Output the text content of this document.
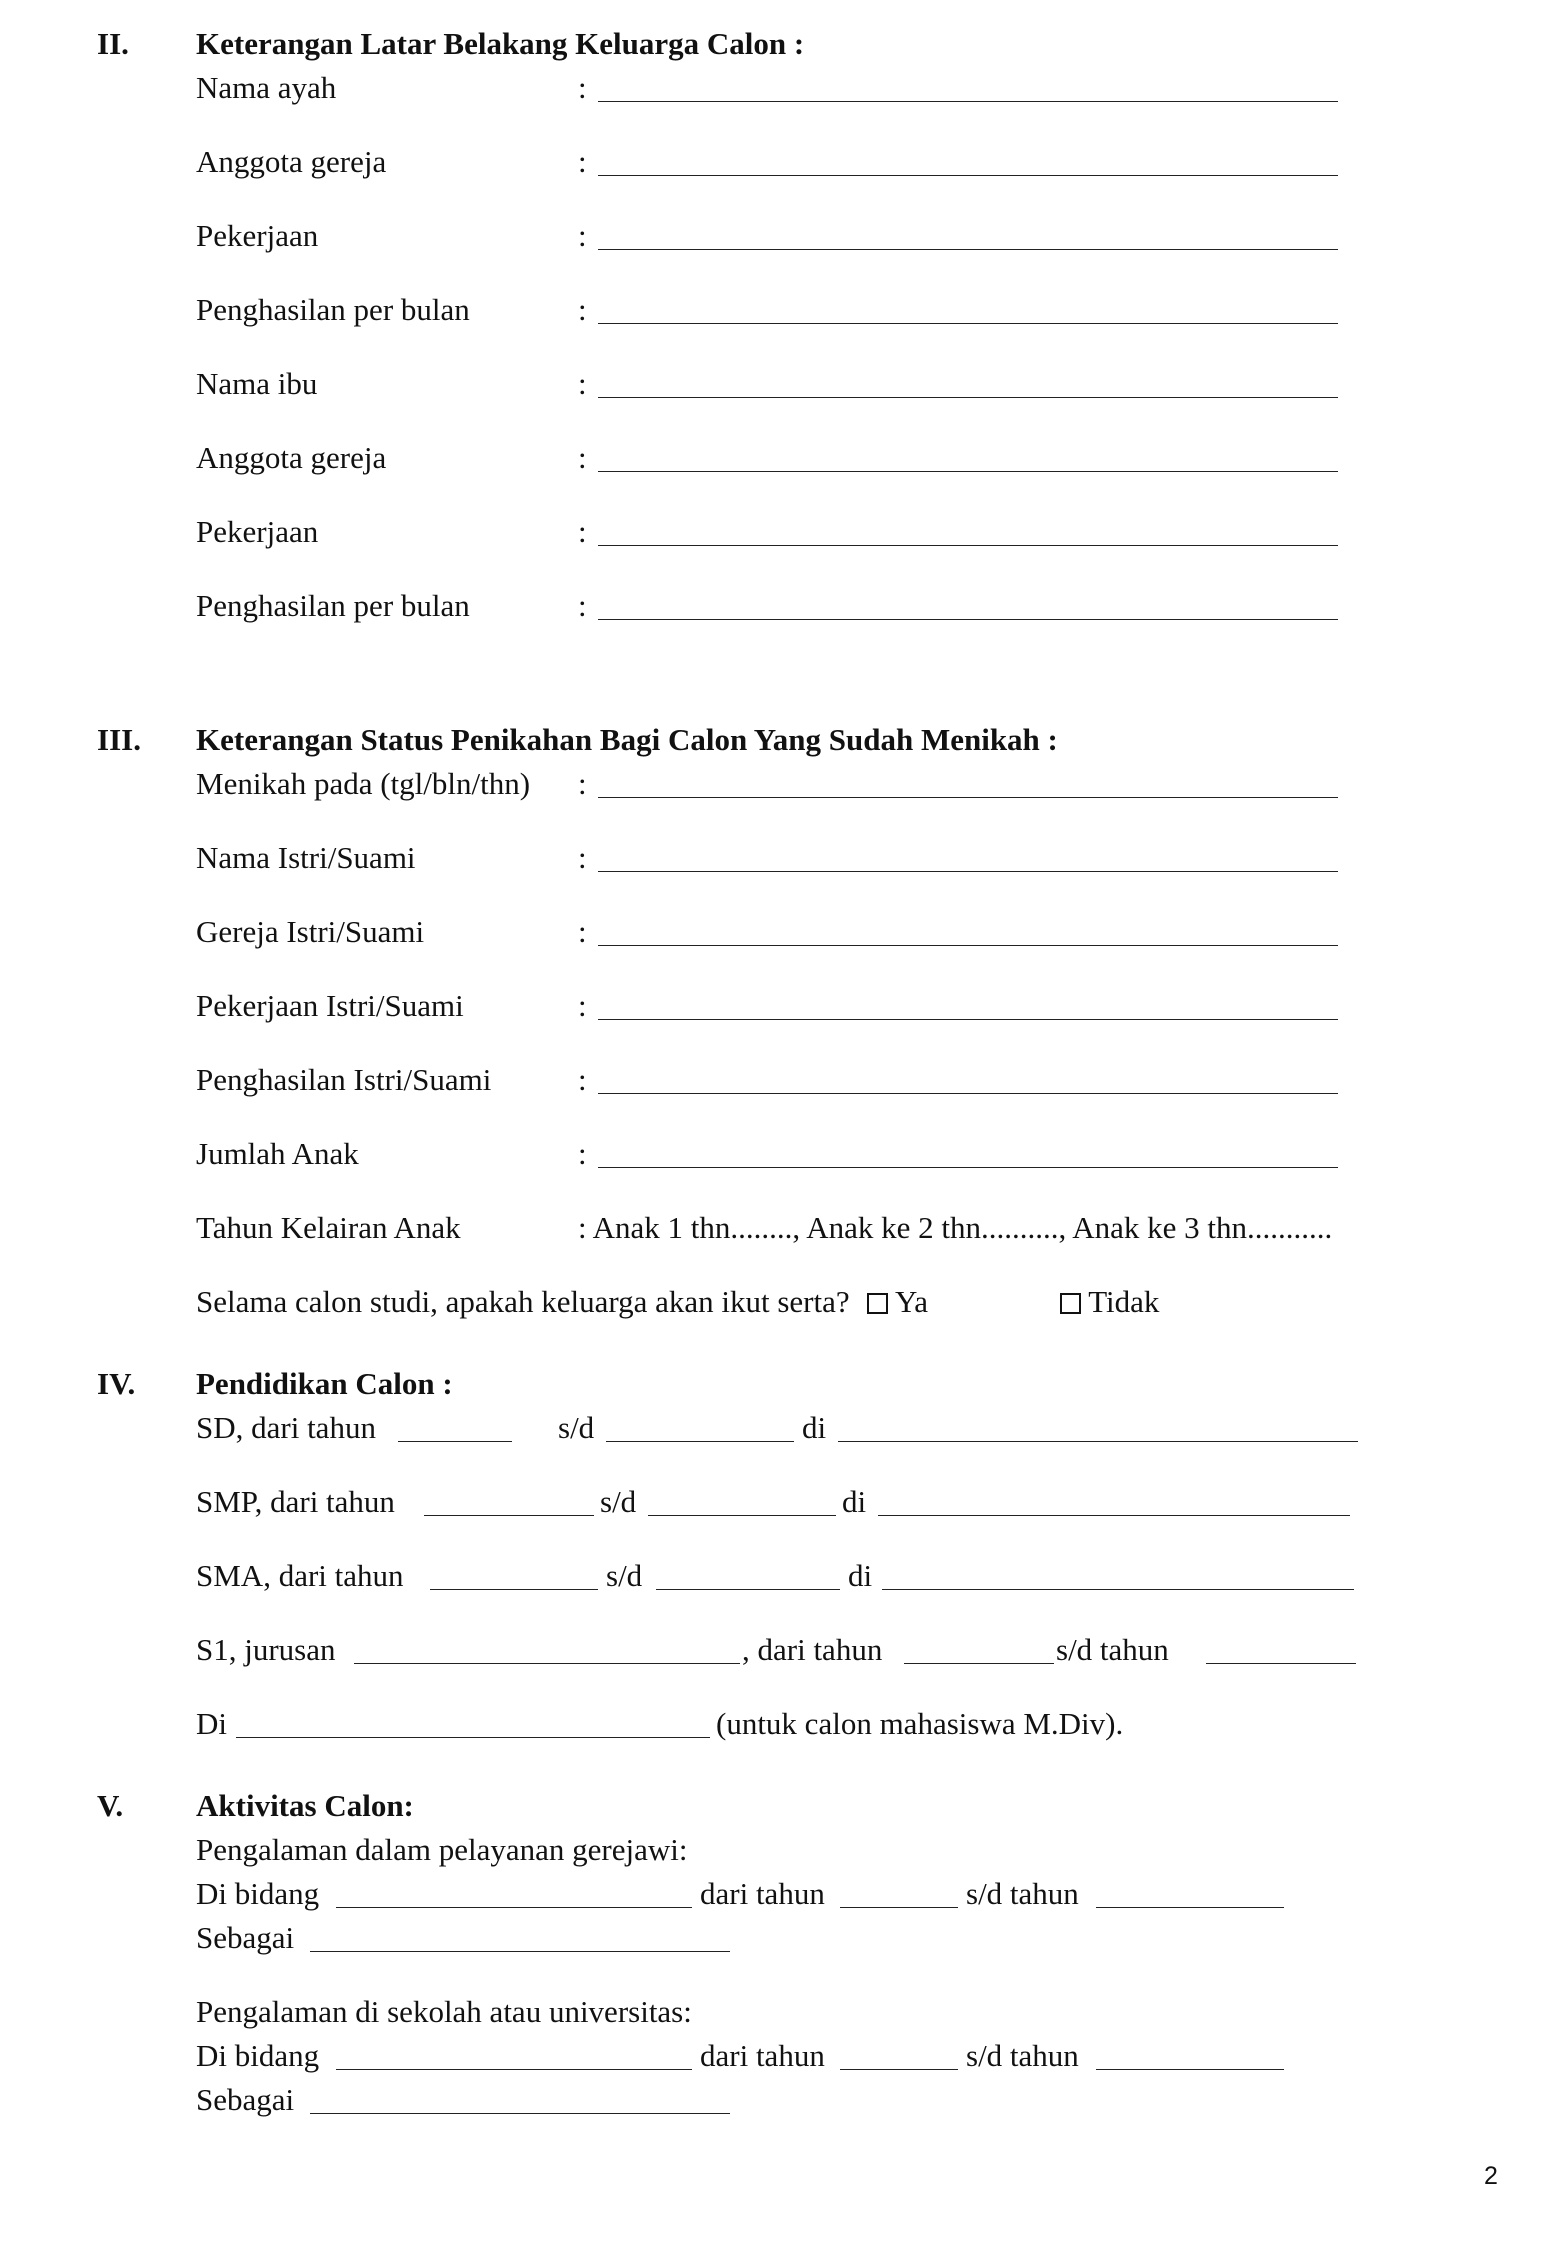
II. Keterangan Latar Belakang Keluarga Calon :
Nama ayah	:
Anggota gereja	:
Pekerjaan	:
Penghasilan per bulan	:
Nama ibu	:
Anggota gereja	:
Pekerjaan	:
Penghasilan per bulan	:
III. Keterangan Status Penikahan Bagi Calon Yang Sudah Menikah :
Menikah pada (tgl/bln/thn) :
Nama Istri/Suami	:
Gereja Istri/Suami	:
Pekerjaan Istri/Suami	:
Penghasilan Istri/Suami	:
Jumlah Anak	:
Tahun Kelairan Anak	: Anak 1 thn........, Anak ke 2 thn.........., Anak ke 3 thn...........
Selama calon studi, apakah keluarga akan ikut serta? Ya	Tidak
IV. Pendidikan Calon :
SD, dari tahun	s/d	di
SMP, dari tahun	s/d	di
SMA, dari tahun	s/d	di
S1, jurusan	, dari tahun	s/d tahun
Di	(untuk calon mahasiswa M.Div).
V. Aktivitas Calon:
Pengalaman dalam pelayanan gerejawi:
Di bidang	dari tahun	s/d tahun
Sebagai
Pengalaman di sekolah atau universitas:
Di bidang	dari tahun	s/d tahun
Sebagai
2
